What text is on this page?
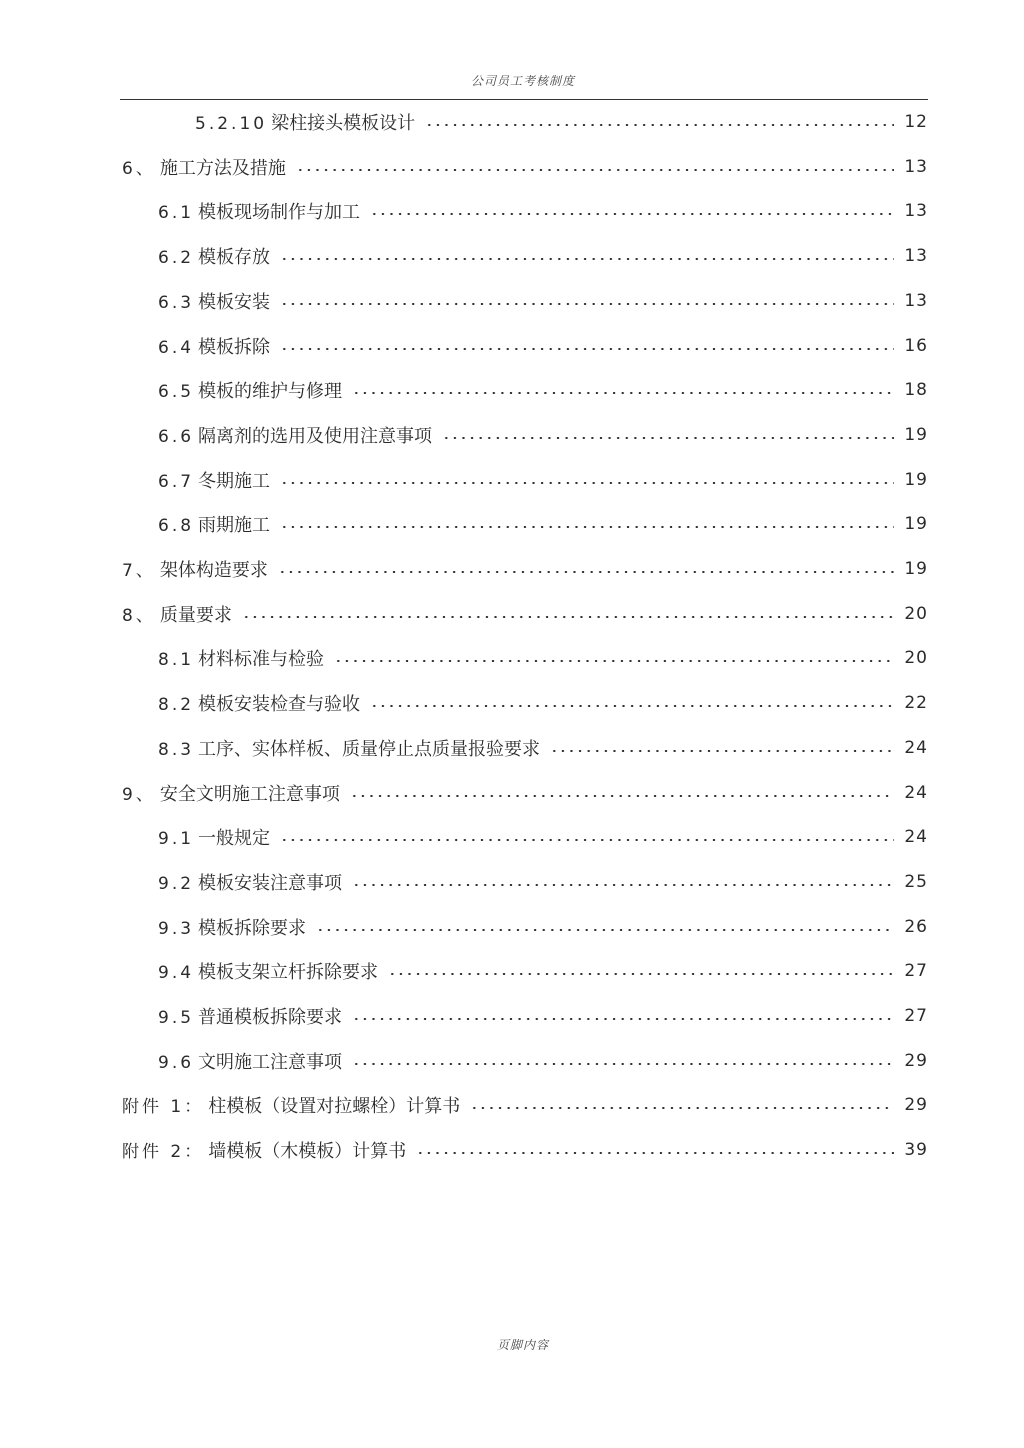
公司员工考核制度
5.2.10 梁柱接头模板设计	12
6、 施工方法及措施	13
6.1 模板现场制作与加工	13
6.2 模板存放	13
6.3 模板安装	13
6.4 模板拆除	16
6.5 模板的维护与修理	18
6.6 隔离剂的选用及使用注意事项	19
6.7 冬期施工	19
6.8 雨期施工	19
7、 架体构造要求	19
8、 质量要求	20
8.1 材料标准与检验	20
8.2 模板安装检查与验收	22
8.3 工序、实体样板、质量停止点质量报验要求	24
9、 安全文明施工注意事项	24
9.1 一般规定	24
9.2 模板安装注意事项	25
9.3 模板拆除要求	26
9.4 模板支架立杆拆除要求	27
9.5 普通模板拆除要求	27
9.6 文明施工注意事项	29
附件 1： 柱模板（设置对拉螺栓）计算书	29
附件 2： 墙模板（木模板）计算书	39
页脚内容
